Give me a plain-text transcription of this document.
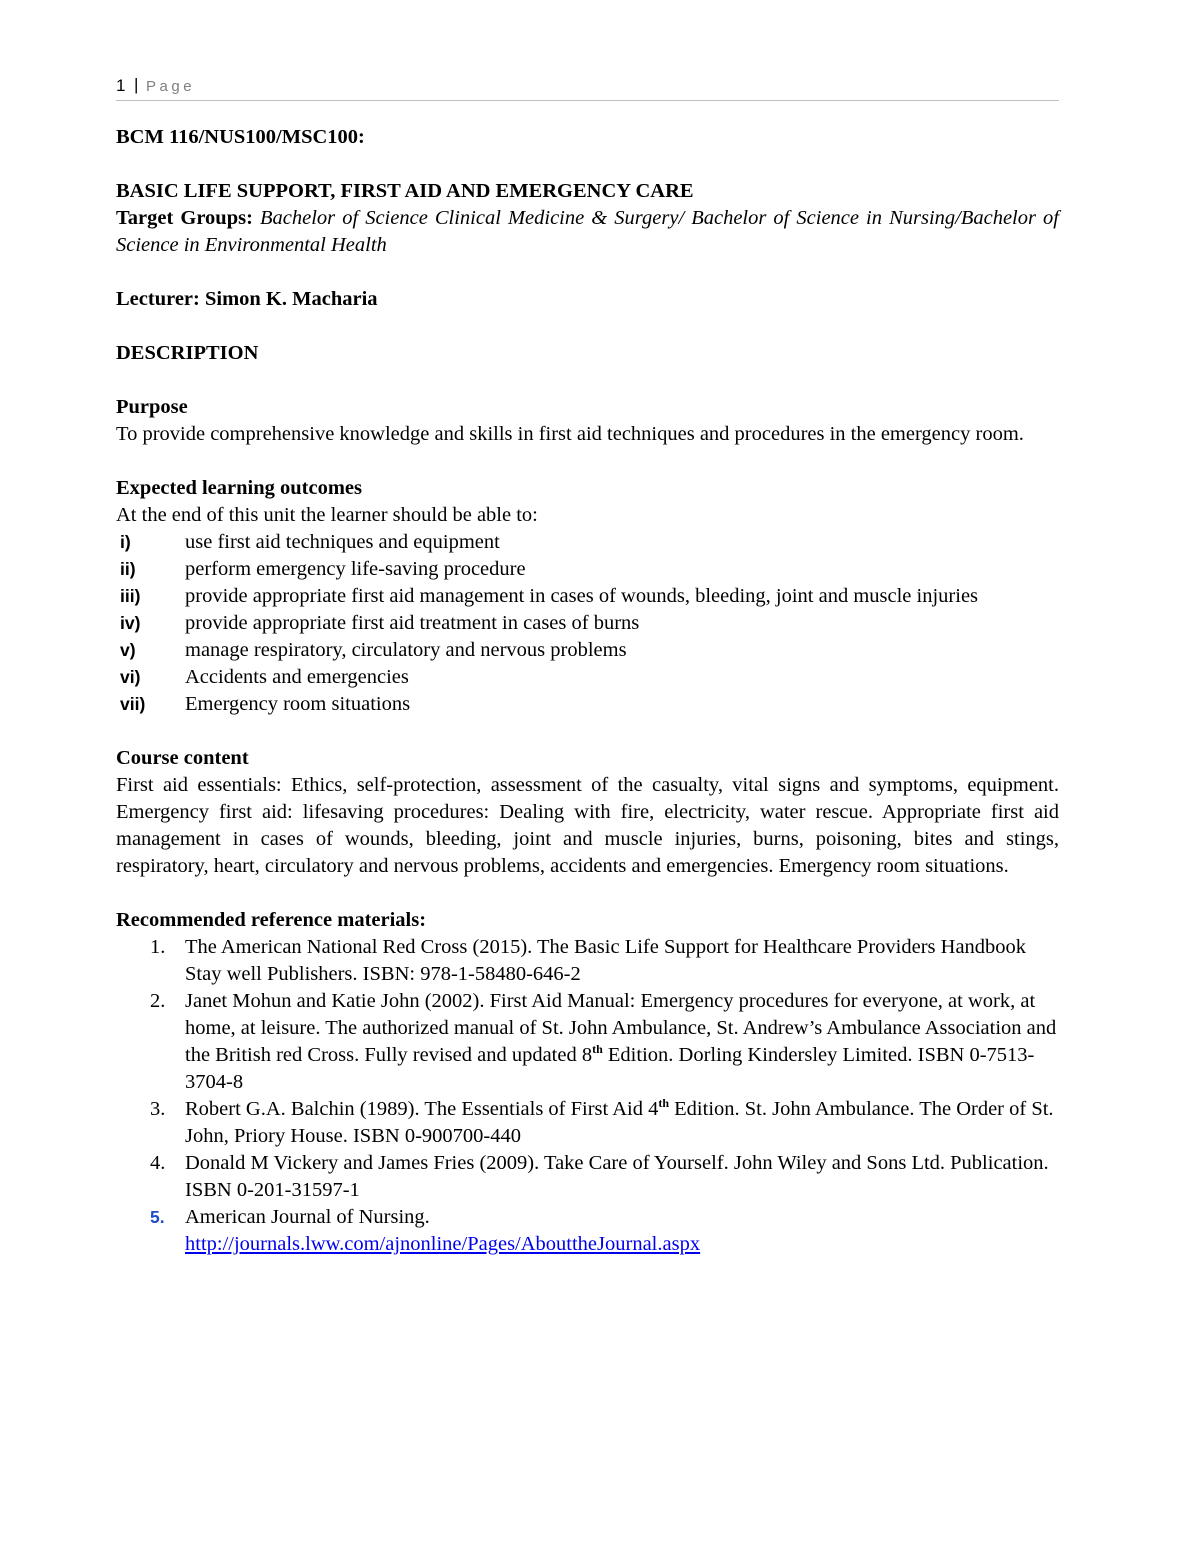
1 | Page

BCM 116/NUS100/MSC100:

BASIC LIFE SUPPORT, FIRST AID AND EMERGENCY CARE

Target Groups: Bachelor of Science Clinical Medicine & Surgery/ Bachelor of Science in Nursing/Bachelor of Science in Environmental Health

Lecturer: Simon K. Macharia

DESCRIPTION

Purpose

To provide comprehensive knowledge and skills in first aid techniques and procedures in the emergency room.

Expected learning outcomes

At the end of this unit the learner should be able to:

i)	use first aid techniques and equipment
ii) perform emergency life-saving procedure
iii) provide appropriate first aid management in cases of wounds, bleeding, joint and muscle injuries
iv) provide appropriate first aid treatment in cases of burns
v) manage respiratory, circulatory and nervous problems
vi) Accidents and emergencies
vii) Emergency room situations

Course content

First aid essentials: Ethics, self-protection, assessment of the casualty, vital signs and symptoms, equipment. Emergency first aid: lifesaving procedures: Dealing with fire, electricity, water rescue. Appropriate first aid management in cases of wounds, bleeding, joint and muscle injuries, burns, poisoning, bites and stings, respiratory, heart, circulatory and nervous problems, accidents and emergencies. Emergency room situations.

Recommended reference materials:

1. The American National Red Cross (2015). The Basic Life Support for Healthcare Providers Handbook Stay well Publishers. ISBN: 978-1-58480-646-2
2. Janet Mohun and Katie John (2002). First Aid Manual: Emergency procedures for everyone, at work, at home, at leisure. The authorized manual of St. John Ambulance, St. Andrew’s Ambulance Association and the British red Cross. Fully revised and updated 8th Edition. Dorling Kindersley Limited. ISBN 0-7513-3704-8
3. Robert G.A. Balchin (1989). The Essentials of First Aid 4th Edition. St. John Ambulance. The Order of St. John, Priory House. ISBN 0-900700-440
4. Donald M Vickery and James Fries (2009). Take Care of Yourself. John Wiley and Sons Ltd. Publication. ISBN 0-201-31597-1
5. American Journal of Nursing.
http://journals.lww.com/ajnonline/Pages/AbouttheJournal.aspx
